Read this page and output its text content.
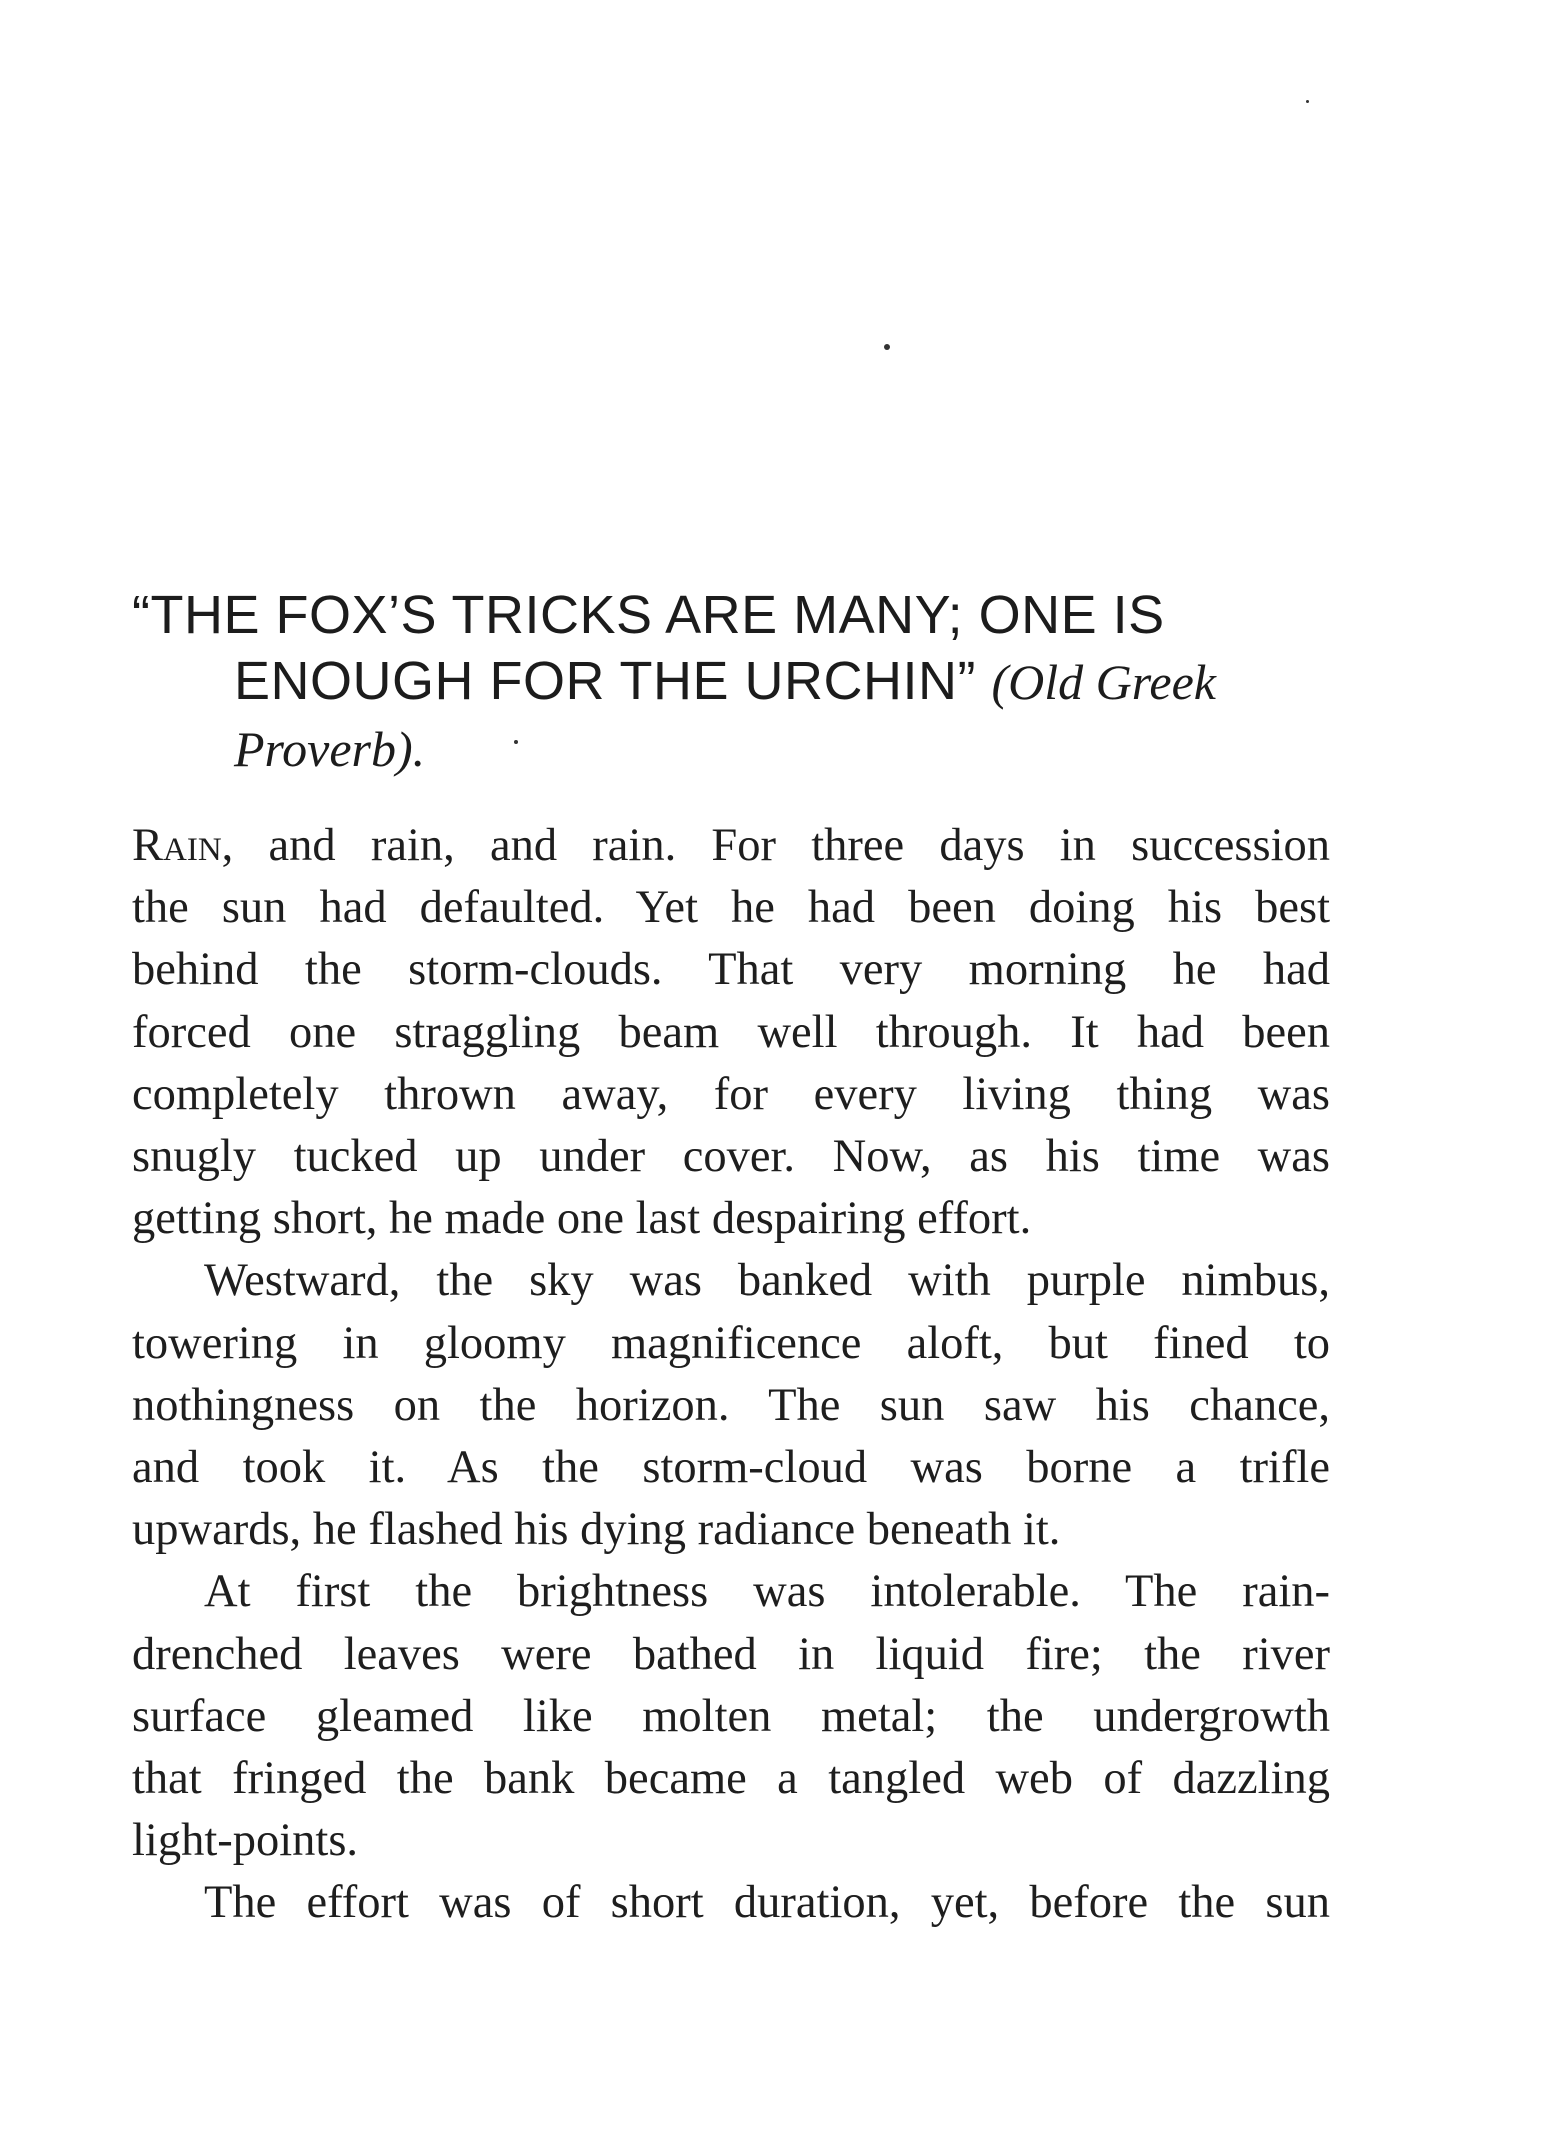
“THE FOX’S TRICKS ARE MANY; ONE IS
ENOUGH FOR THE URCHIN” (Old Greek
Proverb).
Rain, and rain, and rain. For three days in succession
the sun had defaulted. Yet he had been doing his best
behind the storm-clouds. That very morning he had
forced one straggling beam well through. It had been
completely thrown away, for every living thing was
snugly tucked up under cover. Now, as his time was
getting short, he made one last despairing effort.
Westward, the sky was banked with purple nimbus,
towering in gloomy magnificence aloft, but fined to
nothingness on the horizon. The sun saw his chance,
and took it. As the storm-cloud was borne a trifle
upwards, he flashed his dying radiance beneath it.
At first the brightness was intolerable. The rain-
drenched leaves were bathed in liquid fire; the river
surface gleamed like molten metal; the undergrowth
that fringed the bank became a tangled web of dazzling
light-points.
The effort was of short duration, yet, before the sun
